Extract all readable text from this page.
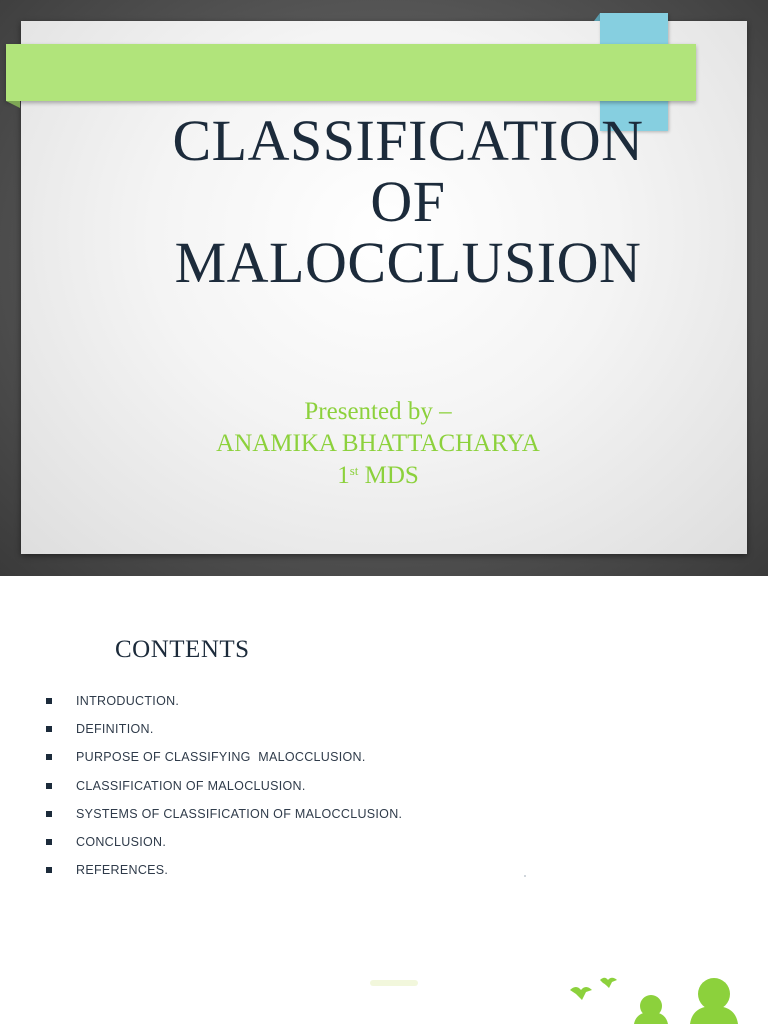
CLASSIFICATION
OF
MALOCCLUSION
Presented by –
ANAMIKA BHATTACHARYA
1st MDS
CONTENTS
INTRODUCTION.
DEFINITION.
PURPOSE OF CLASSIFYING  MALOCCLUSION.
CLASSIFICATION OF MALOCLUSION.
SYSTEMS OF CLASSIFICATION OF MALOCCLUSION.
CONCLUSION.
REFERENCES.
